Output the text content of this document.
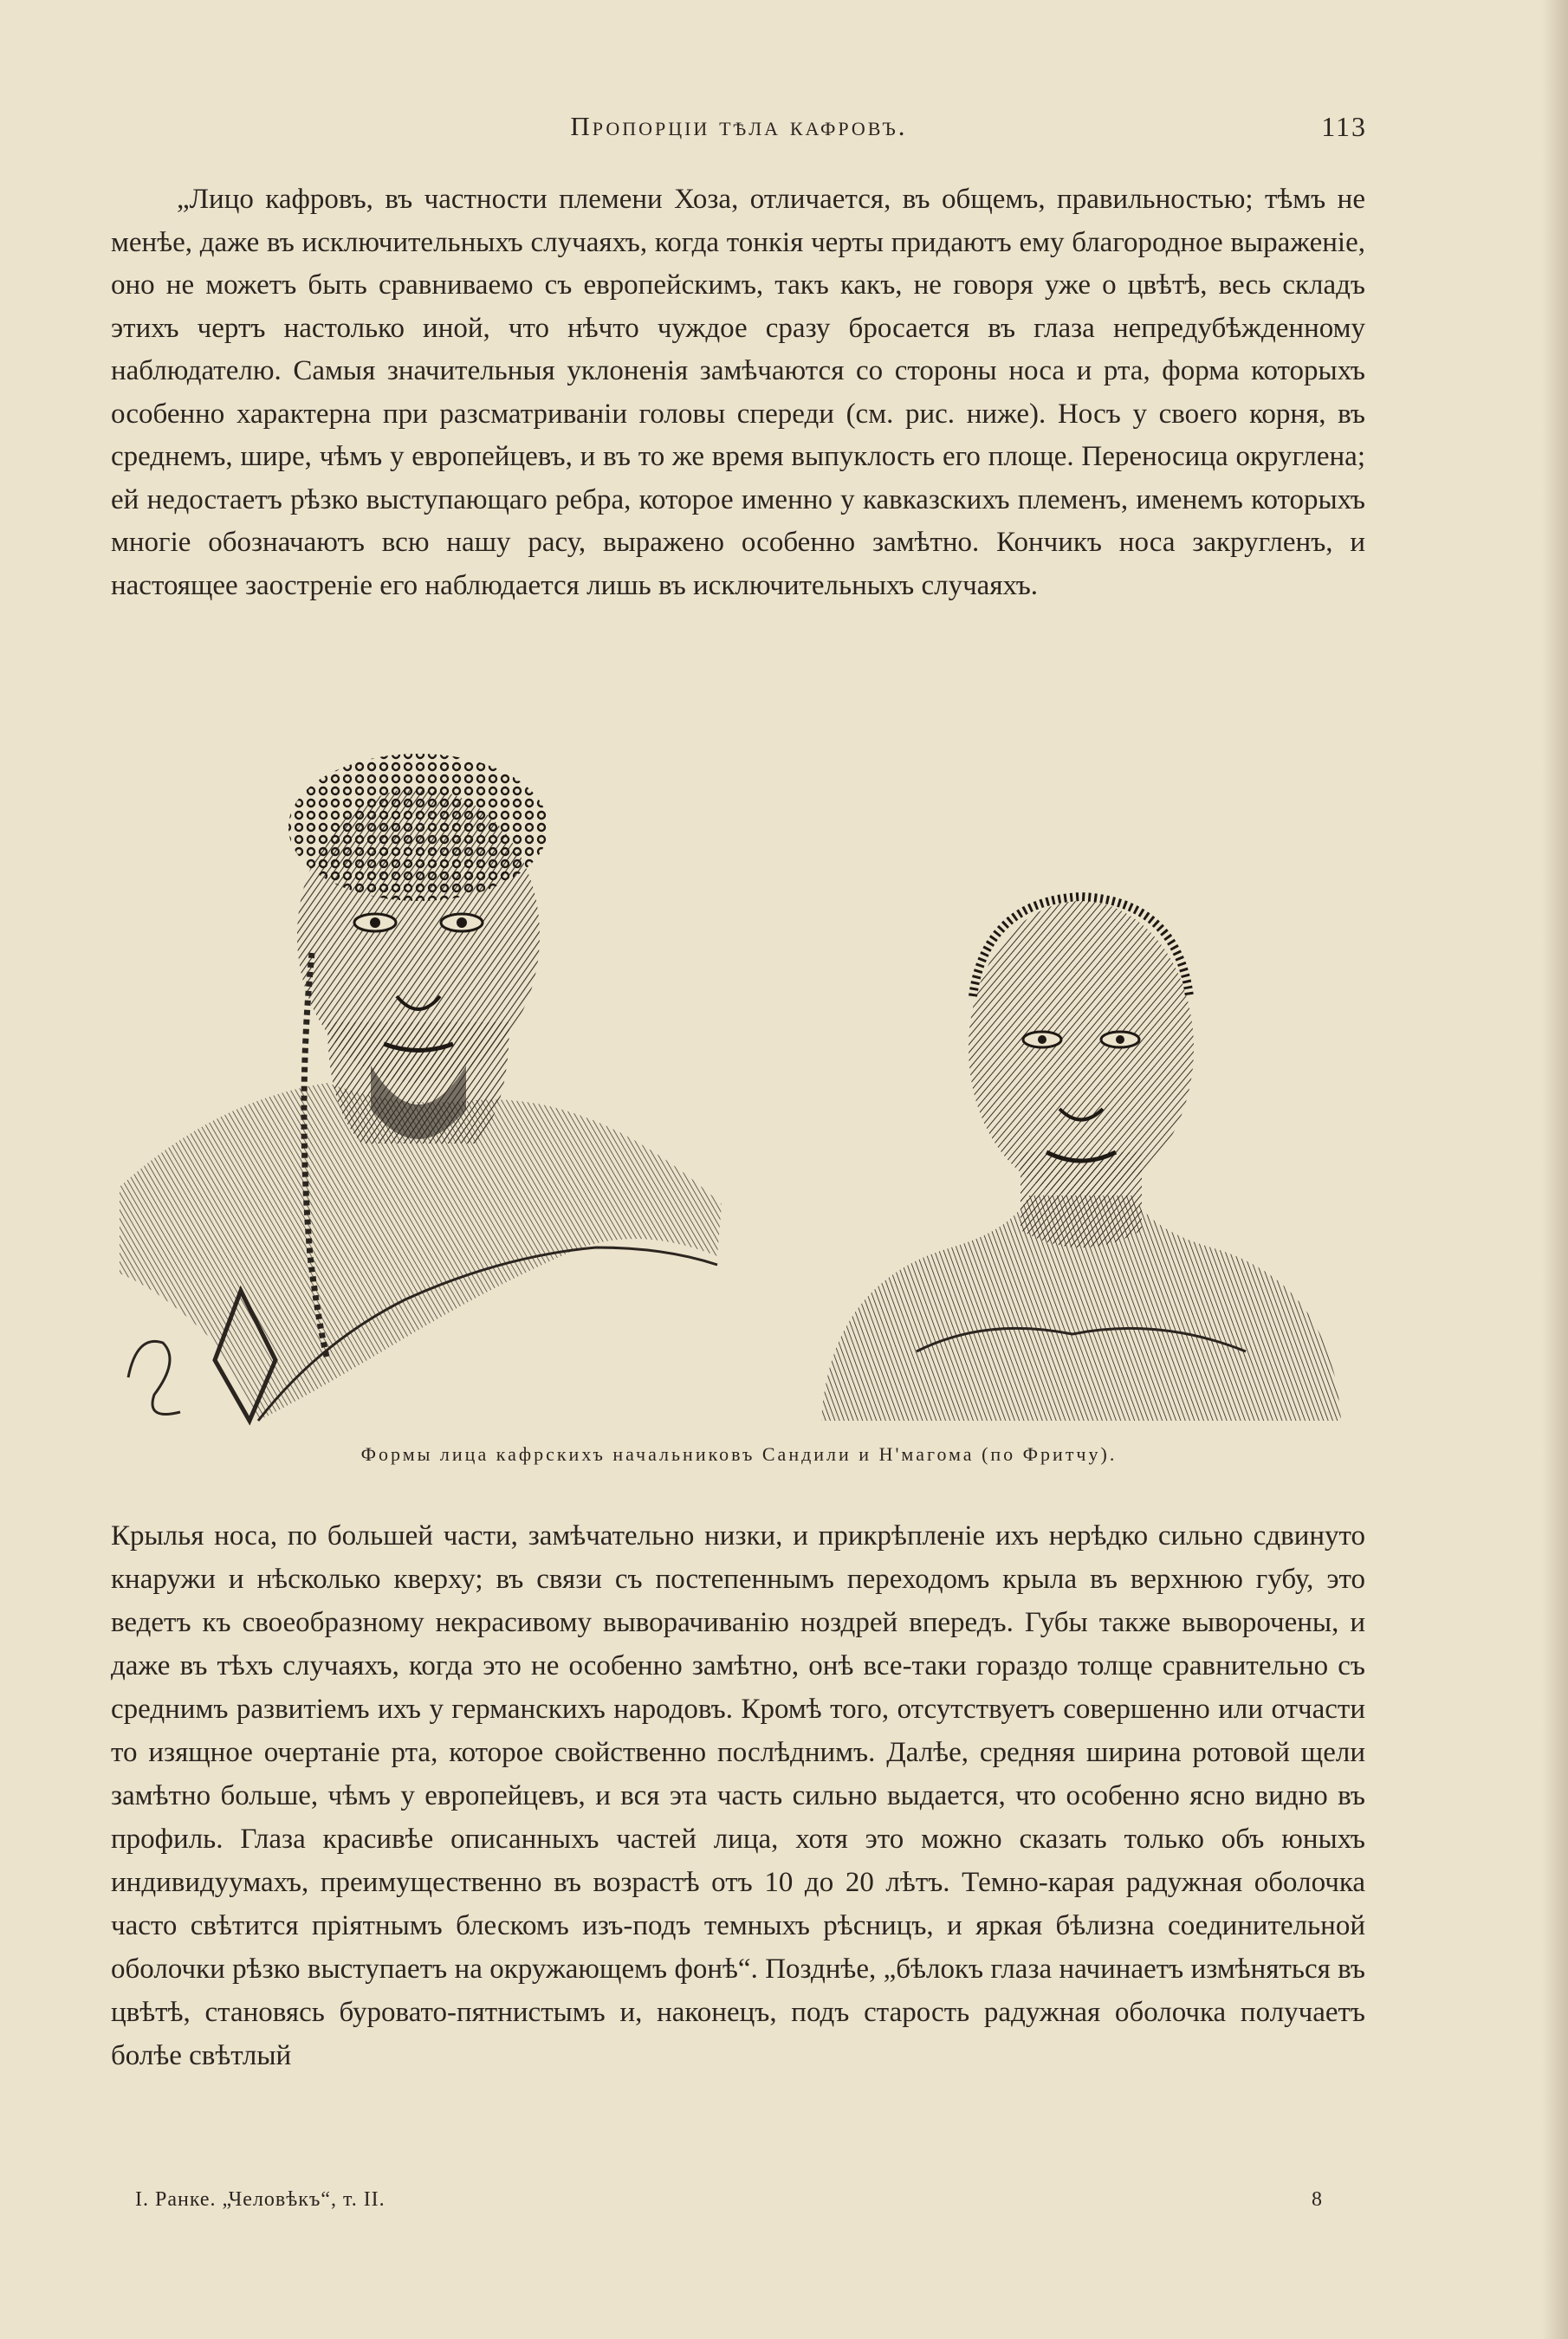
Пропорціи тѣла кафровъ.	113

„Лицо кафровъ, въ частности племени Хоза, отличается, въ общемъ, правильностью; тѣмъ не менѣе, даже въ исключительныхъ случаяхъ, когда тонкія черты придаютъ ему благородное выраженіе, оно не можетъ быть сравниваемо съ европейскимъ, такъ какъ, не говоря уже о цвѣтѣ, весь складъ этихъ чертъ настолько иной, что нѣчто чуждое сразу бросается въ глаза непредубѣжденному наблюдателю. Самыя значительныя уклоненія замѣчаются со стороны носа и рта, форма которыхъ особенно характерна при разсматриваніи головы спереди (см. рис. ниже). Носъ у своего корня, въ среднемъ, шире, чѣмъ у европейцевъ, и въ то же время выпуклость его площе. Переносица округлена; ей недостаетъ рѣзко выступающаго ребра, которое именно у кавказскихъ племенъ, именемъ которыхъ многіе обозначаютъ всю нашу расу, выражено особенно замѣтно. Кончикъ носа закругленъ, и настоящее заостреніе его наблюдается лишь въ исключительныхъ случаяхъ.

Формы лица кафрскихъ начальниковъ Сандили и Н'магома (по Фритчу).

Крылья носа, по большей части, замѣчательно низки, и прикрѣпленіе ихъ нерѣдко сильно сдвинуто кнаружи и нѣсколько кверху; въ связи съ постепеннымъ переходомъ крыла въ верхнюю губу, это ведетъ къ своеобразному некрасивому выворачиванію ноздрей впередъ. Губы также выворочены, и даже въ тѣхъ случаяхъ, когда это не особенно замѣтно, онѣ все-таки гораздо толще сравнительно съ среднимъ развитіемъ ихъ у германскихъ народовъ. Кромѣ того, отсутствуетъ совершенно или отчасти то изящное очертаніе рта, которое свойственно послѣднимъ. Далѣе, средняя ширина ротовой щели замѣтно больше, чѣмъ у европейцевъ, и вся эта часть сильно выдается, что особенно ясно видно въ профиль. Глаза красивѣе описанныхъ частей лица, хотя это можно сказать только объ юныхъ индивидуумахъ, преимущественно въ возрастѣ отъ 10 до 20 лѣтъ. Темно-карая радужная оболочка часто свѣтится пріятнымъ блескомъ изъ-подъ темныхъ рѣсницъ, и яркая бѣлизна соединительной оболочки рѣзко выступаетъ на окружающемъ фонѣ“. Позднѣе, „бѣлокъ глаза начинаетъ измѣняться въ цвѣтѣ, становясь буровато-пятнистымъ и, наконецъ, подъ старость радужная оболочка получаетъ болѣе свѣтлый

I. Ранке. „Человѣкъ“, т. II.	8
